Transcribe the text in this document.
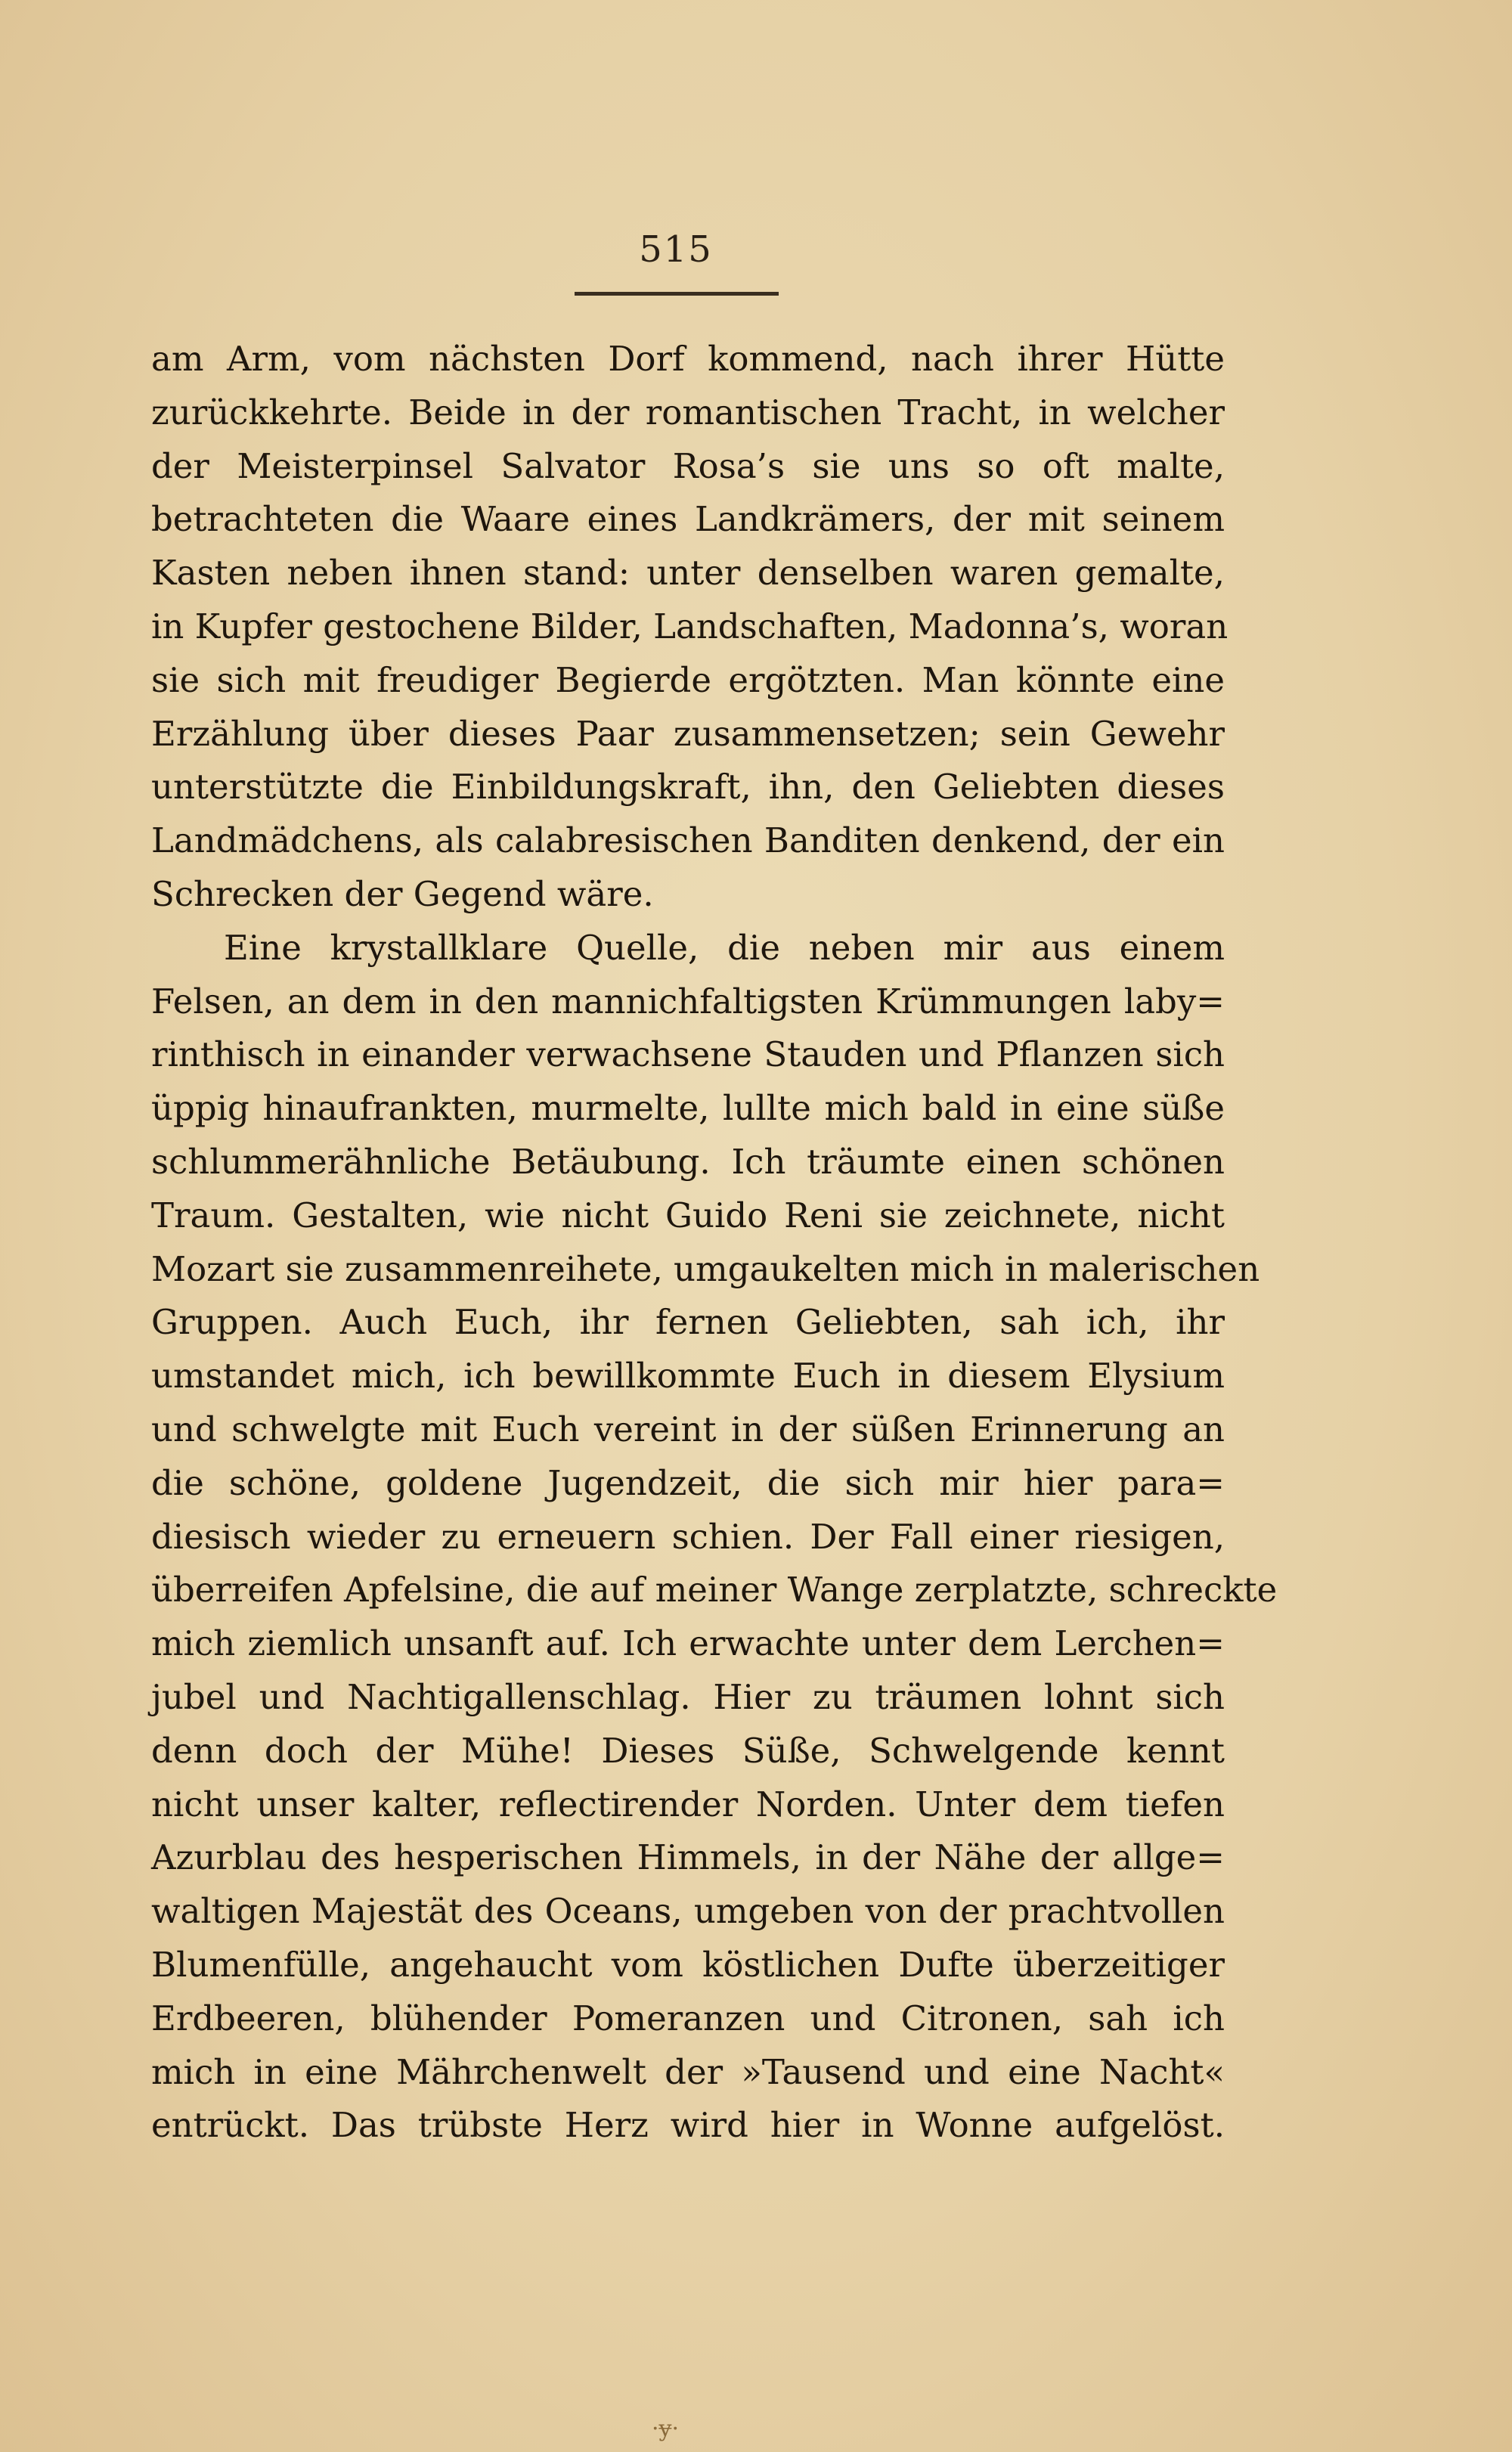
515
am Arm, vom nächsten Dorf kommend, nach ihrer Hütte
zurückkehrte. Beide in der romantischen Tracht, in welcher
der Meisterpinsel Salvator Rosa’s sie uns so oft malte,
betrachteten die Waare eines Landkrämers, der mit seinem
Kasten neben ihnen stand: unter denselben waren gemalte,
in Kupfer gestochene Bilder, Landschaften, Madonna’s, woran
sie sich mit freudiger Begierde ergötzten. Man könnte eine
Erzählung über dieses Paar zusammensetzen; sein Gewehr
unterstützte die Einbildungskraft, ihn, den Geliebten dieses
Landmädchens, als calabresischen Banditen denkend, der ein
Schrecken der Gegend wäre.
Eine krystallklare Quelle, die neben mir aus einem
Felsen, an dem in den mannichfaltigsten Krümmungen laby=
rinthisch in einander verwachsene Stauden und Pflanzen sich
üppig hinaufrankten, murmelte, lullte mich bald in eine süße
schlummerähnliche Betäubung. Ich träumte einen schönen
Traum. Gestalten, wie nicht Guido Reni sie zeichnete, nicht
Mozart sie zusammenreihete, umgaukelten mich in malerischen
Gruppen. Auch Euch, ihr fernen Geliebten, sah ich, ihr
umstandet mich, ich bewillkommte Euch in diesem Elysium
und schwelgte mit Euch vereint in der süßen Erinnerung an
die schöne, goldene Jugendzeit, die sich mir hier para=
diesisch wieder zu erneuern schien. Der Fall einer riesigen,
überreifen Apfelsine, die auf meiner Wange zerplatzte, schreckte
mich ziemlich unsanft auf. Ich erwachte unter dem Lerchen=
jubel und Nachtigallenschlag. Hier zu träumen lohnt sich
denn doch der Mühe! Dieses Süße, Schwelgende kennt
nicht unser kalter, reflectirender Norden. Unter dem tiefen
Azurblau des hesperischen Himmels, in der Nähe der allge=
waltigen Majestät des Oceans, umgeben von der prachtvollen
Blumenfülle, angehaucht vom köstlichen Dufte überzeitiger
Erdbeeren, blühender Pomeranzen und Citronen, sah ich
mich in eine Mährchenwelt der »Tausend und eine Nacht«
entrückt. Das trübste Herz wird hier in Wonne aufgelöst.
·ɏ·
